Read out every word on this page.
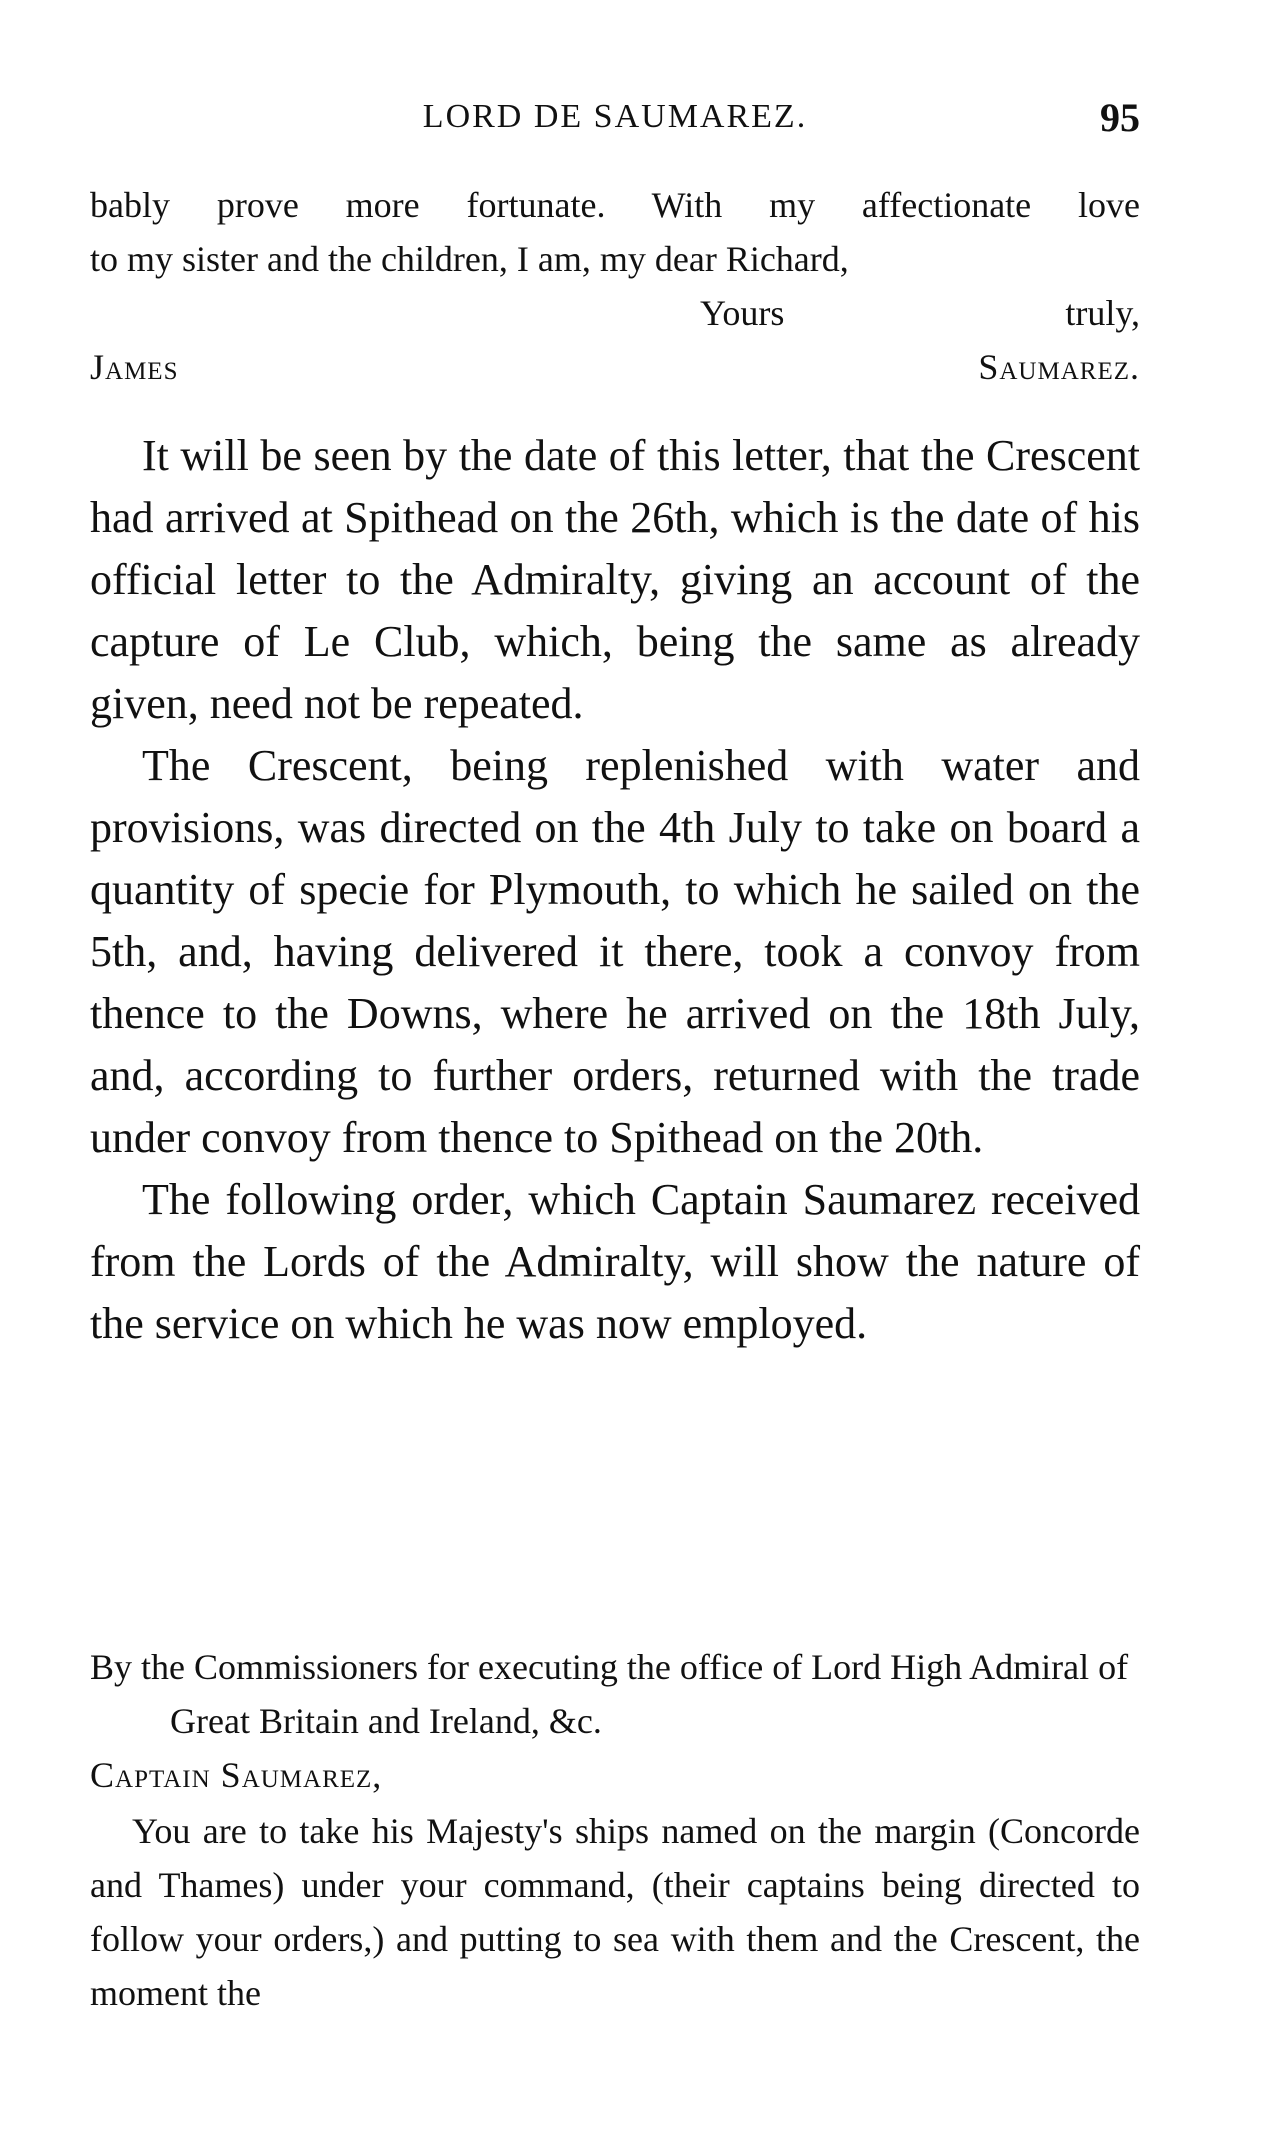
LORD DE SAUMAREZ.	95

bably prove more fortunate. With my affectionate love

to my sister and the children, I am, my dear Richard,

Yours truly,

James Saumarez.

It will be seen by the date of this letter, that the Crescent had arrived at Spithead on the 26th, which is the date of his official letter to the Admiralty, giving an account of the capture of Le Club, which, being the same as already given, need not be repeated.

The Crescent, being replenished with water and provisions, was directed on the 4th July to take on board a quantity of specie for Plymouth, to which he sailed on the 5th, and, having delivered it there, took a convoy from thence to the Downs, where he arrived on the 18th July, and, according to further orders, returned with the trade under convoy from thence to Spithead on the 20th.

The following order, which Captain Saumarez received from the Lords of the Admiralty, will show the nature of the service on which he was now employed.

By the Commissioners for executing the office of Lord High Admiral of Great Britain and Ireland, &c.

Captain Saumarez,

You are to take his Majesty's ships named on the margin (Concorde and Thames) under your command, (their captains being directed to follow your orders,) and putting to sea with them and the Crescent, the moment the
